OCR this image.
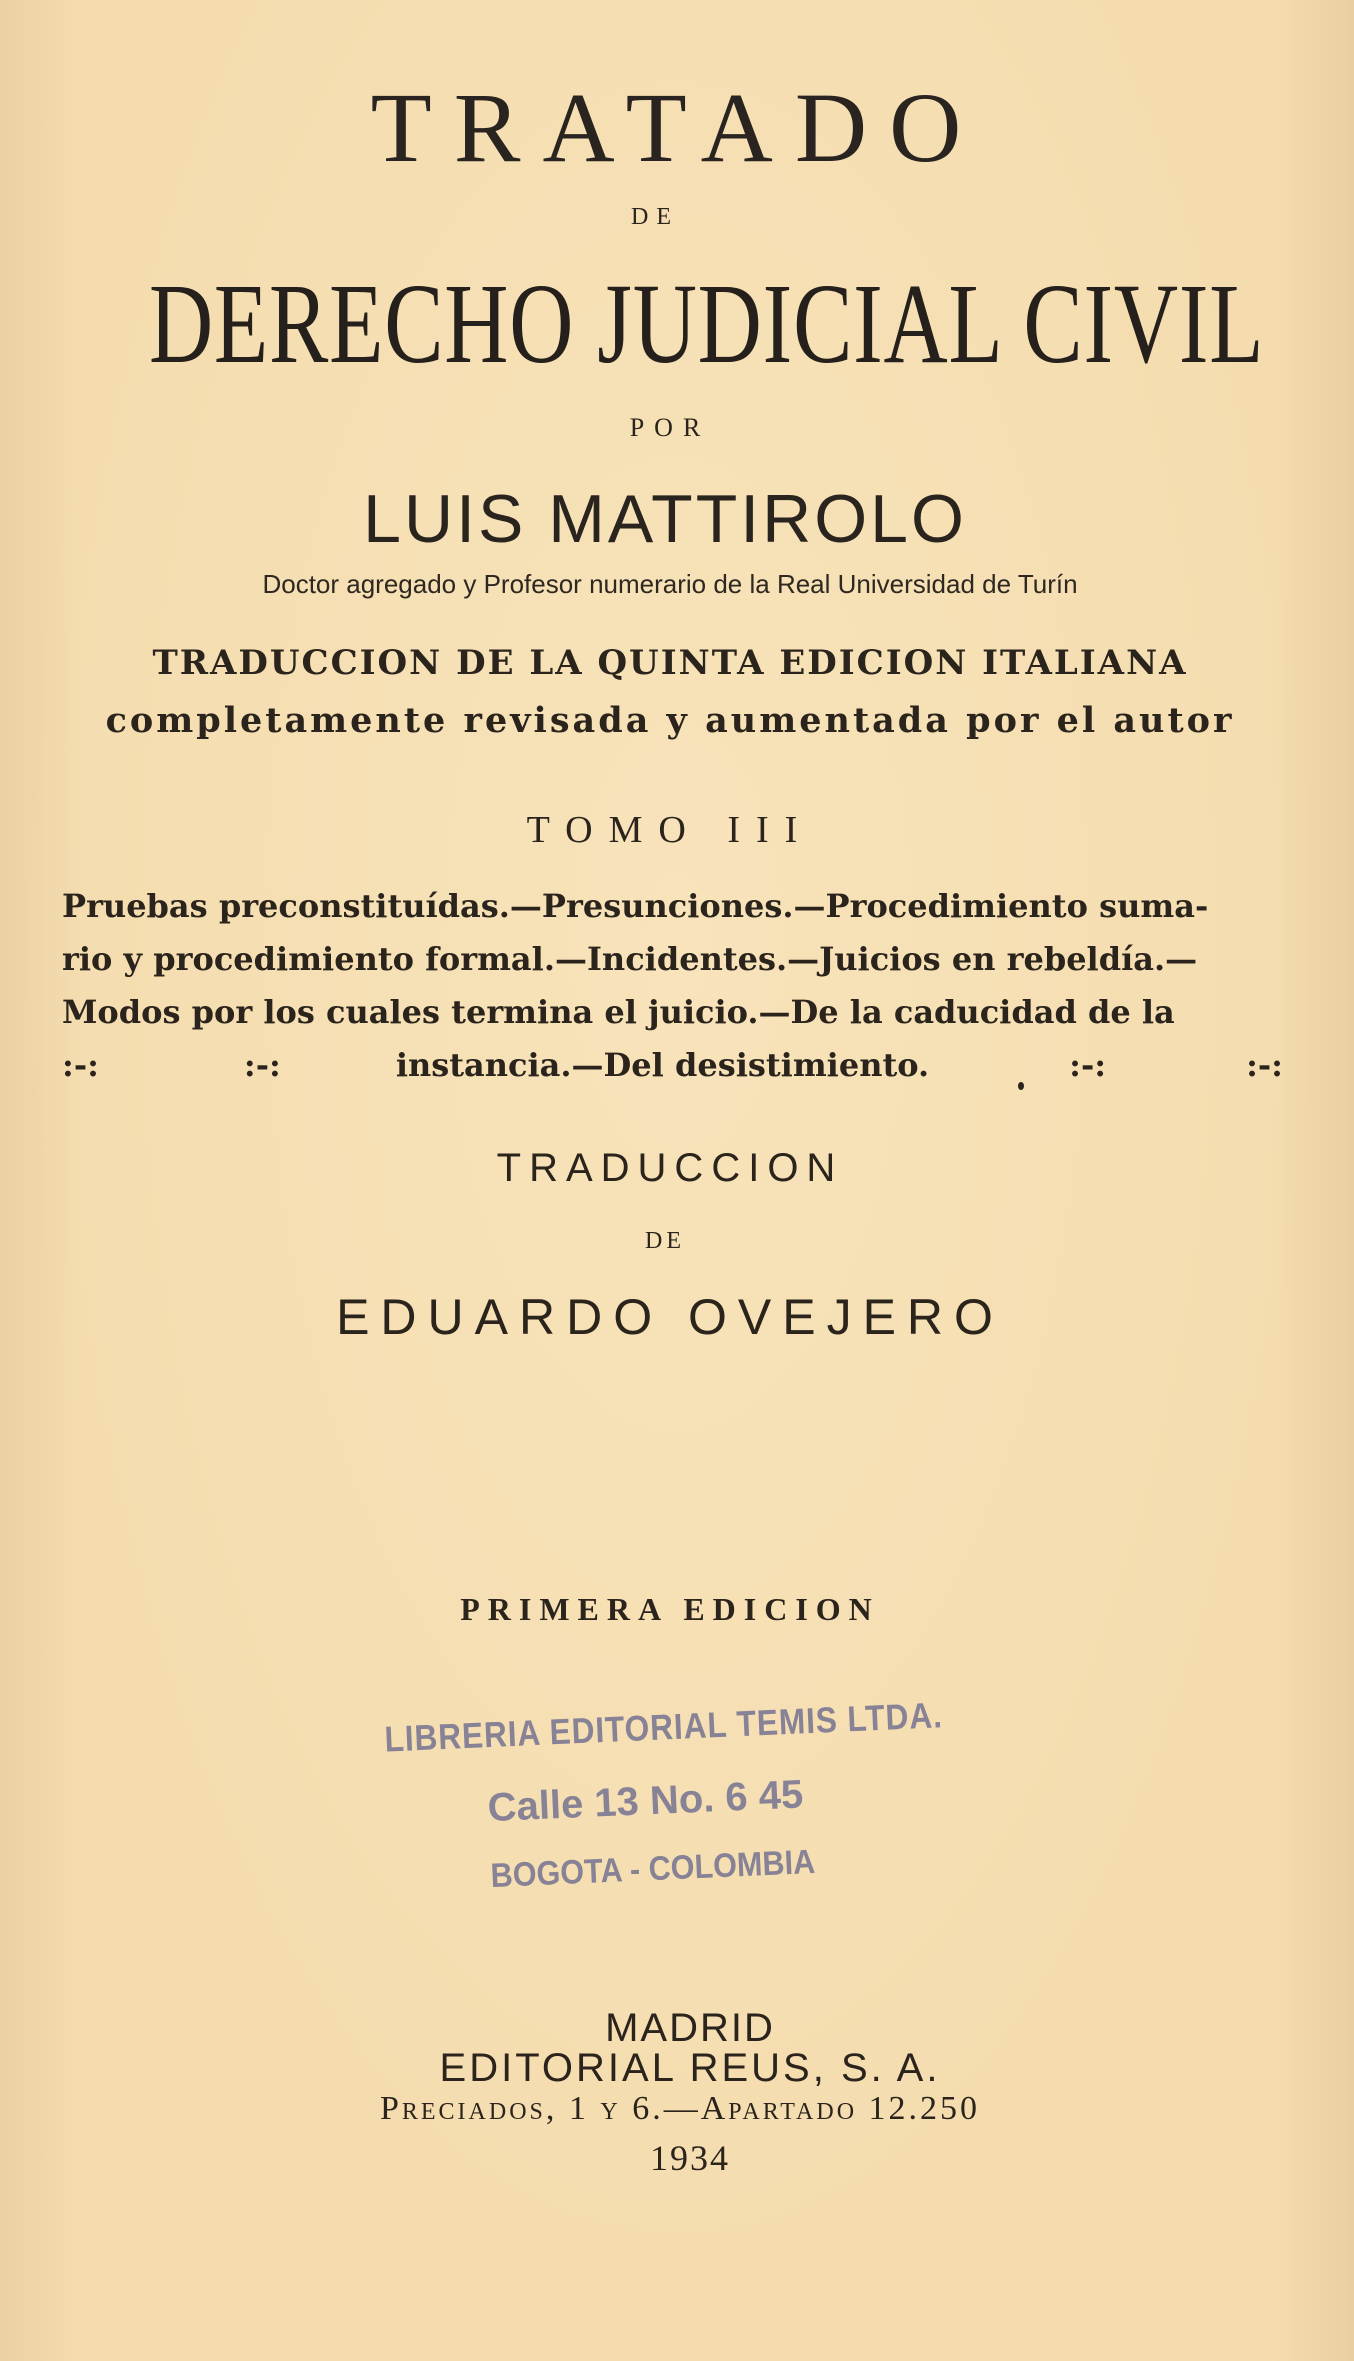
TRATADO
DE
DERECHO JUDICIAL CIVIL
POR
LUIS MATTIROLO
Doctor agregado y Profesor numerario de la Real Universidad de Turín
TRADUCCION DE LA QUINTA EDICION ITALIANA
completamente revisada y aumentada por el autor
TOMO III
Pruebas preconstituídas.—Presunciones.—Procedimiento suma-
rio y procedimiento formal.—Incidentes.—Juicios en rebeldía.—
Modos por los cuales termina el juicio.—De la caducidad de la
:-:	:-:	instancia.—Del desistimiento.	:-:	:-:
TRADUCCION
DE
EDUARDO OVEJERO
PRIMERA EDICION
LIBRERIA EDITORIAL TEMIS LTDA.
Calle 13 No. 6 45
BOGOTA - COLOMBIA
MADRID
EDITORIAL REUS, S. A.
Preciados, 1 y 6.—Apartado 12.250
1934
